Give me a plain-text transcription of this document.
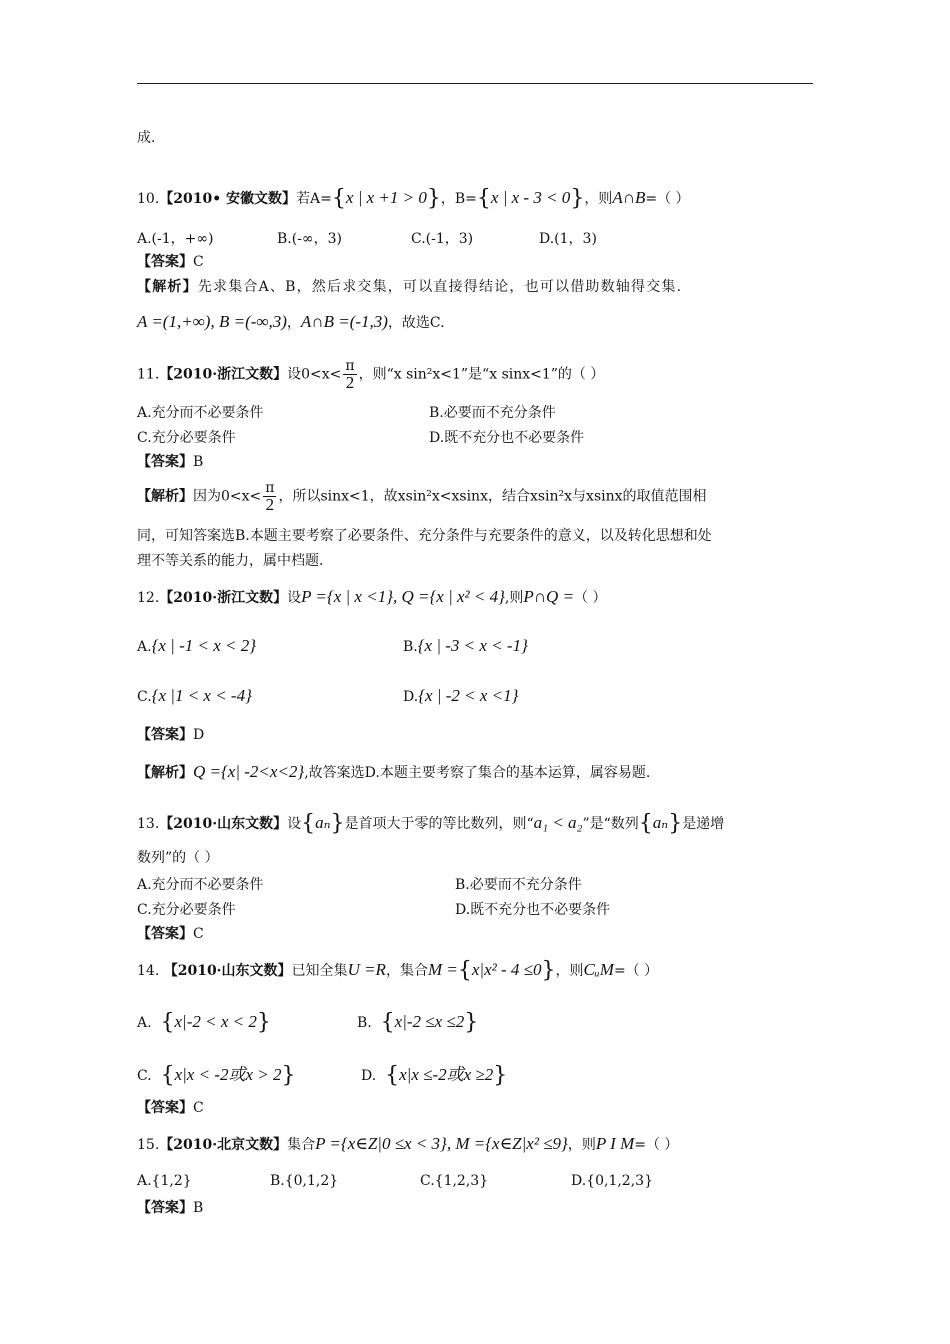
成.
10.【2010• 安徽文数】若A={x | x +1 > 0}，B={x | x - 3 < 0}，则A∩B=（ ）
A.(-1，+∞)	B.(-∞，3)	C.(-1，3)	D.(1，3)
【答案】C
【解析】先求集合A、B，然后求交集，可以直接得结论，也可以借助数轴得交集.
A =(1,+∞), B =(-∞,3)，A∩B =(-1,3)，故选C.
11.【2010·浙江文数】设$0<x< \frac{\pi}{2}$ ，则“x sin²x<1”是“x sinx<1”的（ ）
A.充分而不必要条件	B.必要而不充分条件
C.充分必要条件	D.既不充分也不必要条件
【答案】B
【解析】因为$0<x< \frac{\pi}{2}$ ，所以sinx<1，故xsin²x<xsinx，结合xsin²x与xsinx的取值范围相
同，可知答案选B.本题主要考察了必要条件、充分条件与充要条件的意义，以及转化思想和处
理不等关系的能力，属中档题.
12.【2010·浙江文数】设P ={x | x <1}, Q ={x | x² < 4},则P∩Q =（ ）
A.{x | -1 < x < 2}	B.{x | -3 < x < -1}
C.{x |1 < x < -4}	D.{x | -2 < x <1}
【答案】D
【解析】Q ={x| -2<x<2},故答案选D.本题主要考察了集合的基本运算，属容易题.
13.【2010·山东文数】设{aₙ}是首项大于零的等比数列，则“a₁ < a₂”是“数列{aₙ}是递增
数列”的（ ）
A.充分而不必要条件	B.必要而不充分条件
C.充分必要条件	D.既不充分也不必要条件
【答案】C
14. 【2010·山东文数】已知全集U =R，集合M ={x|x² - 4 ≤0}，则CᵤM=（ ）
A. {x|-2 < x < 2}	B. {x|-2 ≤x ≤2}
C. {x|x < -2或x > 2}	D. {x|x ≤-2或x ≥2}
【答案】C
15.【2010·北京文数】集合P ={x∈Z|0 ≤x < 3}, M ={x∈Z|x² ≤9}，则P I M=（ ）
A.{1,2}	B.{0,1,2}	C.{1,2,3}	D.{0,1,2,3}
【答案】B
